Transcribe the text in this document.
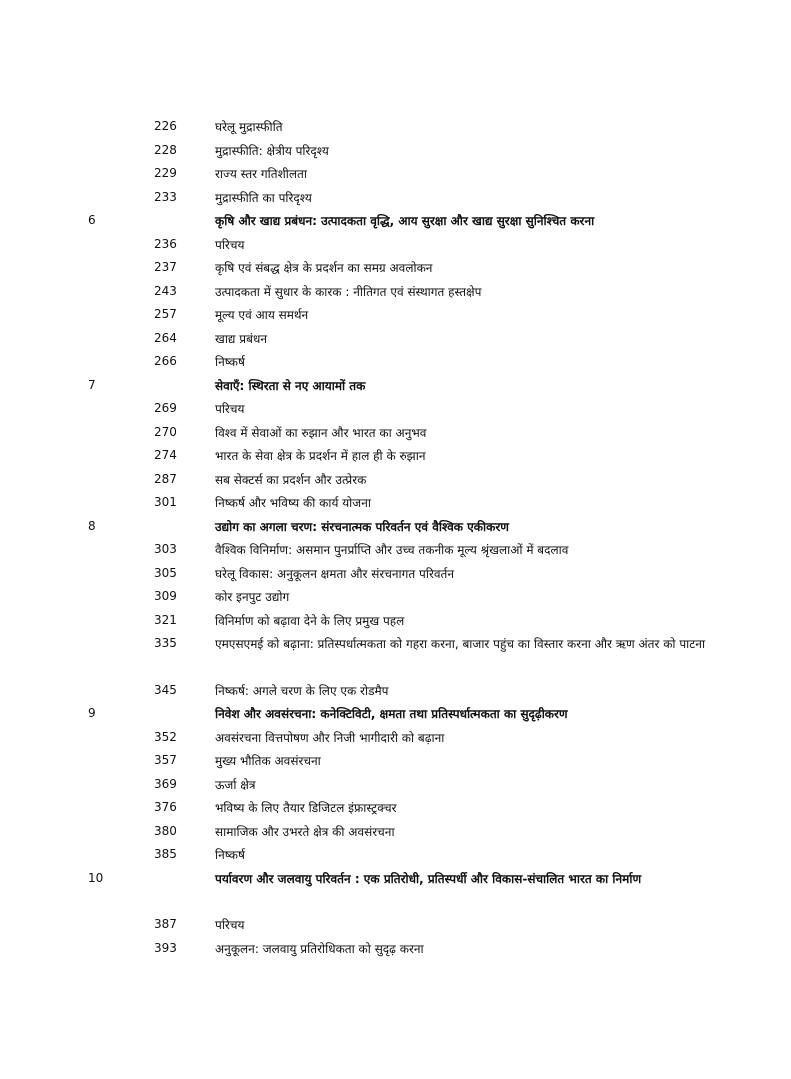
226	घरेलू मुद्रास्फीति
228	मुद्रास्फीति: क्षेत्रीय परिदृश्य
229	राज्य स्तर गतिशीलता
233	मुद्रास्फीति का परिदृश्य
6	कृषि और खाद्य प्रबंधन: उत्पादकता वृद्धि, आय सुरक्षा और खाद्य सुरक्षा सुनिश्चित करना
236	परिचय
237	कृषि एवं संबद्ध क्षेत्र के प्रदर्शन का समग्र अवलोकन
243	उत्पादकता में सुधार के कारक : नीतिगत एवं संस्थागत हस्तक्षेप
257	मूल्य एवं आय समर्थन
264	खाद्य प्रबंधन
266	निष्कर्ष
7	सेवाएँ: स्थिरता से नए आयामों तक
269	परिचय
270	विश्व में सेवाओं का रुझान और भारत का अनुभव
274	भारत के सेवा क्षेत्र के प्रदर्शन में हाल ही के रुझान
287	सब सेक्टर्स का प्रदर्शन और उत्प्रेरक
301	निष्कर्ष और भविष्य की कार्य योजना
8	उद्योग का अगला चरण: संरचनात्मक परिवर्तन एवं वैश्विक एकीकरण
303	वैश्विक विनिर्माण: असमान पुनर्प्राप्ति और उच्च तकनीक मूल्य श्रृंखलाओं में बदलाव
305	घरेलू विकास: अनुकूलन क्षमता और संरचनागत परिवर्तन
309	कोर इनपुट उद्योग
321	विनिर्माण को बढ़ावा देने के लिए प्रमुख पहल
335	एमएसएमई को बढ़ाना: प्रतिस्पर्धात्मकता को गहरा करना, बाजार पहुंच का विस्तार करना और ऋण अंतर को पाटना
345	निष्कर्ष: अगले चरण के लिए एक रोडमैप
9	निवेश और अवसंरचना: कनेक्टिविटी, क्षमता तथा प्रतिस्पर्धात्मकता का सुदृढ़ीकरण
352	अवसंरचना वित्तपोषण और निजी भागीदारी को बढ़ाना
357	मुख्य भौतिक अवसंरचना
369	ऊर्जा क्षेत्र
376	भविष्य के लिए तैयार डिजिटल इंफ्रास्ट्रक्चर
380	सामाजिक और उभरते क्षेत्र की अवसंरचना
385	निष्कर्ष
10	पर्यावरण और जलवायु परिवर्तन : एक प्रतिरोधी, प्रतिस्पर्धी और विकास-संचालित भारत का निर्माण
387	परिचय
393	अनुकूलन: जलवायु प्रतिरोधिकता को सुदृढ़ करना
